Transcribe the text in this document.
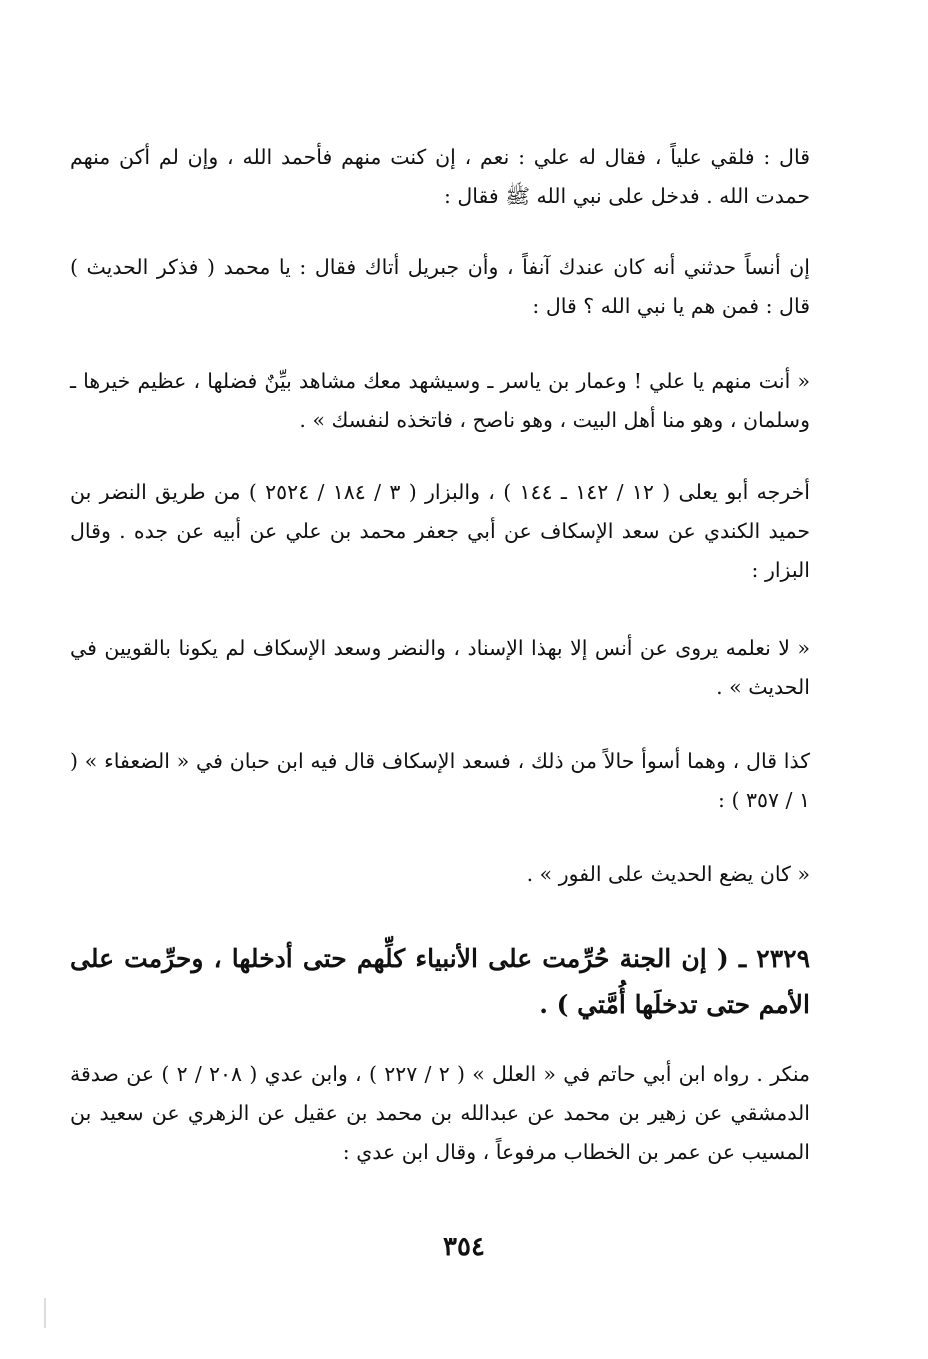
قال : فلقي علياً ، فقال له علي : نعم ، إن كنت منهم فأحمد الله ، وإن لم أكن منهم حمدت الله . فدخل على نبي الله ﷺ فقال :

إن أنساً حدثني أنه كان عندك آنفاً ، وأن جبريل أتاك فقال : يا محمد ( فذكر الحديث ) قال : فمن هم يا نبي الله ؟ قال :

« أنت منهم يا علي ! وعمار بن ياسر ـ وسيشهد معك مشاهد بيِّنٌ فضلها ، عظيم خيرها ـ وسلمان ، وهو منا أهل البيت ، وهو ناصح ، فاتخذه لنفسك » .

أخرجه أبو يعلى ( ١٢ / ١٤٢ ـ ١٤٤ ) ، والبزار ( ٣ / ١٨٤ / ٢٥٢٤ ) من طريق النضر بن حميد الكندي عن سعد الإسكاف عن أبي جعفر محمد بن علي عن أبيه عن جده . وقال البزار :

« لا نعلمه يروى عن أنس إلا بهذا الإسناد ، والنضر وسعد الإسكاف لم يكونا بالقويين في الحديث » .

كذا قال ، وهما أسوأ حالاً من ذلك ، فسعد الإسكاف قال فيه ابن حبان في « الضعفاء » ( ١ / ٣٥٧ ) :

« كان يضع الحديث على الفور » .

٢٣٢٩ ـ ( إن الجنة حُرِّمت على الأنبياء كلِّهم حتى أدخلها ، وحرِّمت على الأمم حتى تدخلَها أُمَّتي ) .

منكر . رواه ابن أبي حاتم في « العلل » ( ٢ / ٢٢٧ ) ، وابن عدي ( ٢٠٨ / ٢ ) عن صدقة الدمشقي عن زهير بن محمد عن عبدالله بن محمد بن عقيل عن الزهري عن سعيد بن المسيب عن عمر بن الخطاب مرفوعاً ، وقال ابن عدي :

٣٥٤
